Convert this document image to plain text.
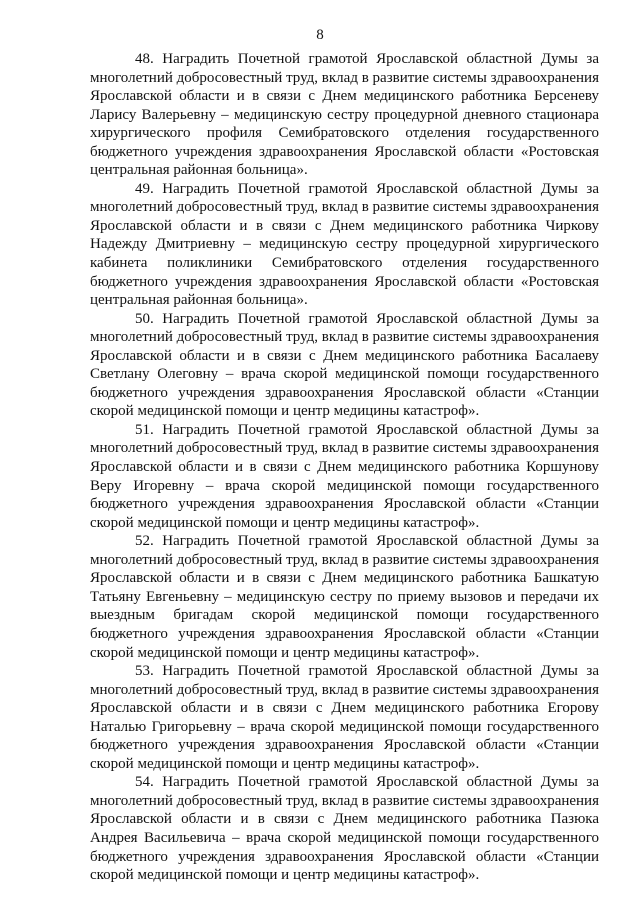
8

48. Наградить Почетной грамотой Ярославской областной Думы за многолетний добросовестный труд, вклад в развитие системы здравоохранения Ярославской области и в связи с Днем медицинского работника Берсеневу Ларису Валерьевну – медицинскую сестру процедурной дневного стационара хирургического профиля Семибратовского отделения государственного бюджетного учреждения здравоохранения Ярославской области «Ростовская центральная районная больница».

49. Наградить Почетной грамотой Ярославской областной Думы за многолетний добросовестный труд, вклад в развитие системы здравоохранения Ярославской области и в связи с Днем медицинского работника Чиркову Надежду Дмитриевну – медицинскую сестру процедурной хирургического кабинета поликлиники Семибратовского отделения государственного бюджетного учреждения здравоохранения Ярославской области «Ростовская центральная районная больница».

50. Наградить Почетной грамотой Ярославской областной Думы за многолетний добросовестный труд, вклад в развитие системы здравоохранения Ярославской области и в связи с Днем медицинского работника Басалаеву Светлану Олеговну – врача скорой медицинской помощи государственного бюджетного учреждения здравоохранения Ярославской области «Станции скорой медицинской помощи и центр медицины катастроф».

51. Наградить Почетной грамотой Ярославской областной Думы за многолетний добросовестный труд, вклад в развитие системы здравоохранения Ярославской области и в связи с Днем медицинского работника Коршунову Веру Игоревну – врача скорой медицинской помощи государственного бюджетного учреждения здравоохранения Ярославской области «Станции скорой медицинской помощи и центр медицины катастроф».

52. Наградить Почетной грамотой Ярославской областной Думы за многолетний добросовестный труд, вклад в развитие системы здравоохранения Ярославской области и в связи с Днем медицинского работника Башкатую Татьяну Евгеньевну – медицинскую сестру по приему вызовов и передачи их выездным бригадам скорой медицинской помощи государственного бюджетного учреждения здравоохранения Ярославской области «Станции скорой медицинской помощи и центр медицины катастроф».

53. Наградить Почетной грамотой Ярославской областной Думы за многолетний добросовестный труд, вклад в развитие системы здравоохранения Ярославской области и в связи с Днем медицинского работника Егорову Наталью Григорьевну – врача скорой медицинской помощи государственного бюджетного учреждения здравоохранения Ярославской области «Станции скорой медицинской помощи и центр медицины катастроф».

54. Наградить Почетной грамотой Ярославской областной Думы за многолетний добросовестный труд, вклад в развитие системы здравоохранения Ярославской области и в связи с Днем медицинского работника Пазюка Андрея Васильевича – врача скорой медицинской помощи государственного бюджетного учреждения здравоохранения Ярославской области «Станции скорой медицинской помощи и центр медицины катастроф».
